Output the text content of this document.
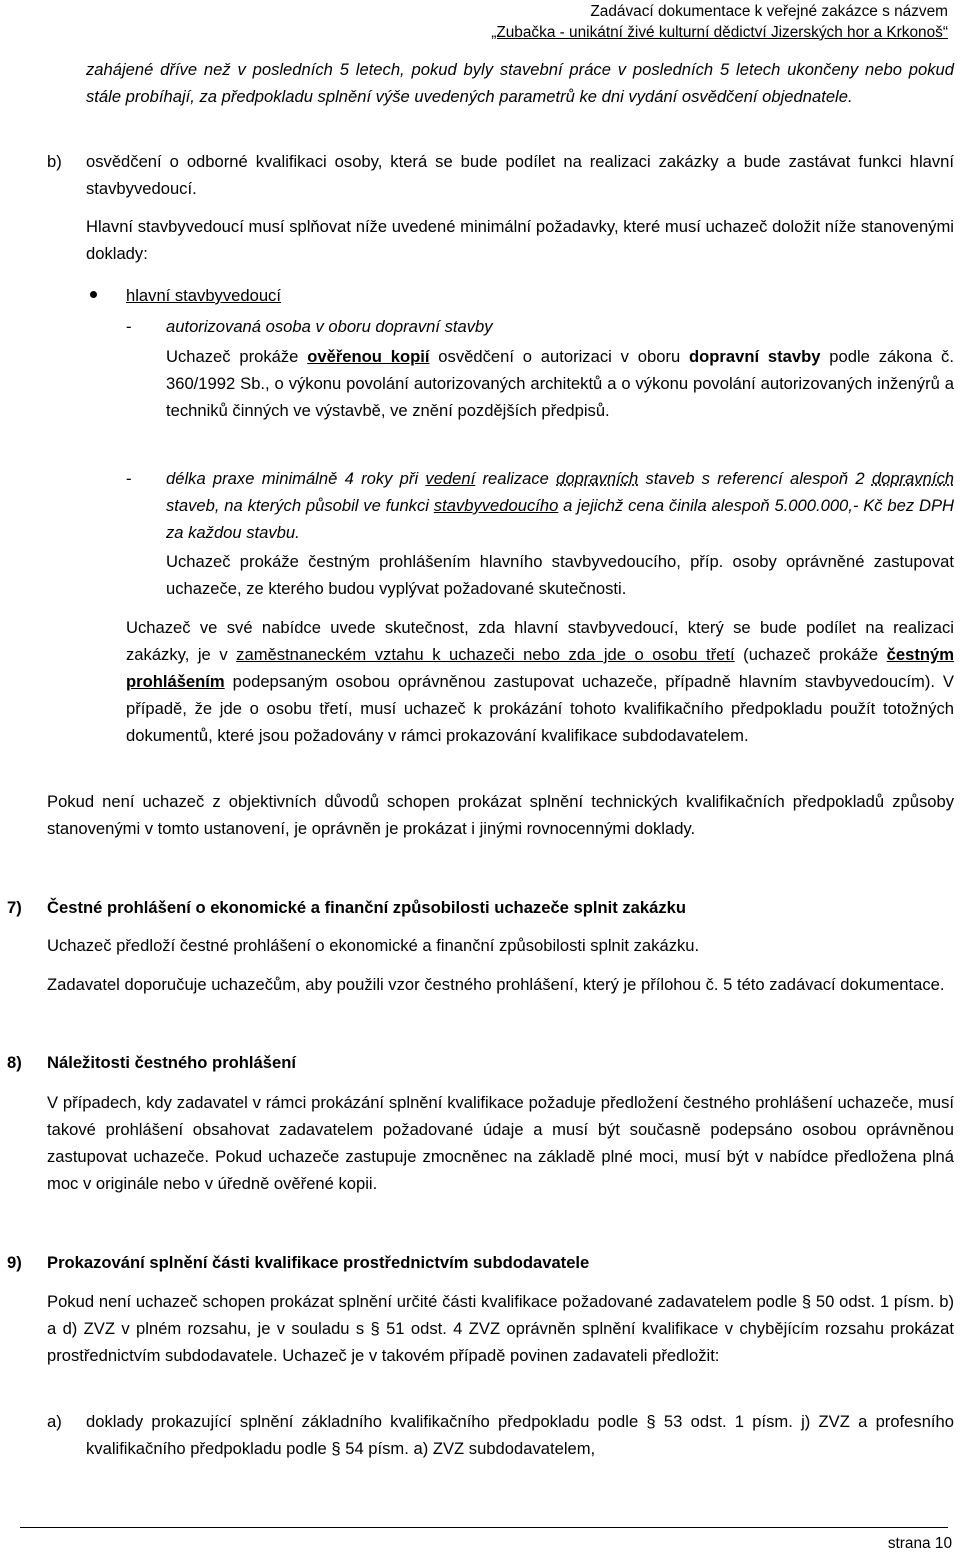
Zadávací dokumentace k veřejné zakázce s názvem
„Zubačka - unikátní živé kulturní dědictví Jizerských hor a Krkonoš“
zahájené dříve než v posledních 5 letech, pokud byly stavební práce v posledních 5 letech ukončeny nebo pokud stále probíhají, za předpokladu splnění výše uvedených parametrů ke dni vydání osvědčení objednatele.
b) osvědčení o odborné kvalifikaci osoby, která se bude podílet na realizaci zakázky a bude zastávat funkci hlavní stavbyvedoucí.
Hlavní stavbyvedoucí musí splňovat níže uvedené minimální požadavky, které musí uchazeč doložit níže stanovenými doklady:
hlavní stavbyvedoucí
- autorizovaná osoba v oboru dopravní stavby
Uchazeč prokáže ověřenou kopií osvědčení o autorizaci v oboru dopravní stavby podle zákona č. 360/1992 Sb., o výkonu povolání autorizovaných architektů a o výkonu povolání autorizovaných inženýrů a techniků činných ve výstavbě, ve znění pozdějších předpisů.
- délka praxe minimálně 4 roky při vedení realizace dopravních staveb s referencí alespoň 2 dopravních staveb, na kterých působil ve funkci stavbyvedoucího a jejichž cena činila alespoň 5.000.000,- Kč bez DPH za každou stavbu.
Uchazeč prokáže čestným prohlášením hlavního stavbyvedoucího, příp. osoby oprávněné zastupovat uchazeče, ze kterého budou vyplývat požadované skutečnosti.
Uchazeč ve své nabídce uvede skutečnost, zda hlavní stavbyvedoucí, který se bude podílet na realizaci zakázky, je v zaměstnaneckém vztahu k uchazeči nebo zda jde o osobu třetí (uchazeč prokáže čestným prohlášením podepsaným osobou oprávněnou zastupovat uchazeče, případně hlavním stavbyvedoucím). V případě, že jde o osobu třetí, musí uchazeč k prokázání tohoto kvalifikačního předpokladu použít totožných dokumentů, které jsou požadovány v rámci prokazování kvalifikace subdodavatelem.
Pokud není uchazeč z objektivních důvodů schopen prokázat splnění technických kvalifikačních předpokladů způsoby stanovenými v tomto ustanovení, je oprávněn je prokázat i jinými rovnocennými doklady.
7) Čestné prohlášení o ekonomické a finanční způsobilosti uchazeče splnit zakázku
Uchazeč předloží čestné prohlášení o ekonomické a finanční způsobilosti splnit zakázku.
Zadavatel doporučuje uchazečům, aby použili vzor čestného prohlášení, který je přílohou č. 5 této zadávací dokumentace.
8) Náležitosti čestného prohlášení
V případech, kdy zadavatel v rámci prokázání splnění kvalifikace požaduje předložení čestného prohlášení uchazeče, musí takové prohlášení obsahovat zadavatelem požadované údaje a musí být současně podepsáno osobou oprávněnou zastupovat uchazeče. Pokud uchazeče zastupuje zmocněnec na základě plné moci, musí být v nabídce předložena plná moc v originále nebo v úředně ověřené kopii.
9) Prokazování splnění části kvalifikace prostřednictvím subdodavatele
Pokud není uchazeč schopen prokázat splnění určité části kvalifikace požadované zadavatelem podle § 50 odst. 1 písm. b) a d) ZVZ v plném rozsahu, je v souladu s § 51 odst. 4 ZVZ oprávněn splnění kvalifikace v chybějícím rozsahu prokázat prostřednictvím subdodavatele. Uchazeč je v takovém případě povinen zadavateli předložit:
a) doklady prokazující splnění základního kvalifikačního předpokladu podle § 53 odst. 1 písm. j) ZVZ a profesního kvalifikačního předpokladu podle § 54 písm. a) ZVZ subdodavatelem,
strana 10
